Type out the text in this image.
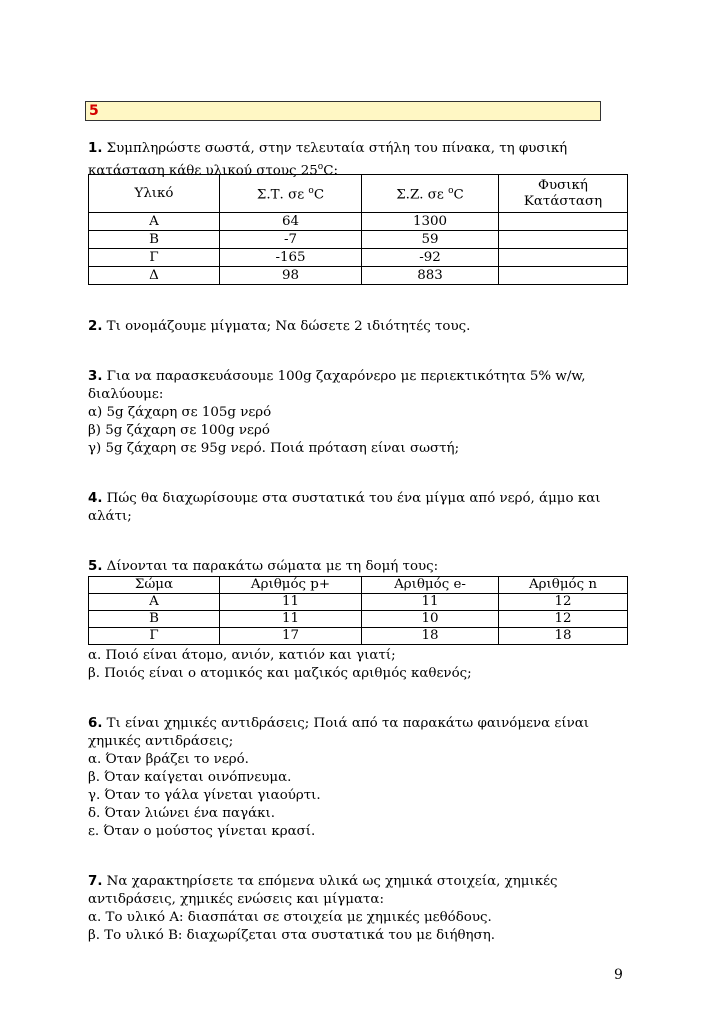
5
1. Συμπληρώστε σωστά, στην τελευταία στήλη του πίνακα, τη φυσική
κατάσταση κάθε υλικού στους $25^oC$:
Υλικό	Σ.Τ. σε $^o$C	Σ.Ζ. σε $^o$C	Φυσική
Κατάσταση

Α	64	1300	
Β	-7	59	
Γ	-165	-92	
Δ	98	883	
2. Τι ονομάζουμε μίγματα; Να δώσετε 2 ιδιότητές τους.
3. Για να παρασκευάσουμε 100g ζαχαρόνερο με περιεκτικότητα 5% w/w,
διαλύουμε:
α) 5g ζάχαρη σε 105g νερό
β) 5g ζάχαρη σε 100g νερό
γ) 5g ζάχαρη σε 95g νερό. Ποιά πρόταση είναι σωστή;
4. Πώς θα διαχωρίσουμε στα συστατικά του ένα μίγμα από νερό, άμμο και
αλάτι;
5. Δίνονται τα παρακάτω σώματα με τη δομή τους:
Σώμα	Αριθμός p+	Αριθμός e-	Αριθμός n
Α	11	11	12
Β	11	10	12
Γ	17	18	18
α. Ποιό είναι άτομο, ανιόν, κατιόν και γιατί;
β. Ποιός είναι ο ατομικός και μαζικός αριθμός καθενός;
6. Τι είναι χημικές αντιδράσεις; Ποιά από τα παρακάτω φαινόμενα είναι
χημικές αντιδράσεις;
α. Όταν βράζει το νερό.
β. Όταν καίγεται οινόπνευμα.
γ. Όταν το γάλα γίνεται γιαούρτι.
δ. Όταν λιώνει ένα παγάκι.
ε. Όταν ο μούστος γίνεται κρασί.
7. Να χαρακτηρίσετε τα επόμενα υλικά ως χημικά στοιχεία, χημικές
αντιδράσεις, χημικές ενώσεις και μίγματα:
α. Το υλικό Α: διασπάται σε στοιχεία με χημικές μεθόδους.
β. Το υλικό Β: διαχωρίζεται στα συστατικά του με διήθηση.
9
